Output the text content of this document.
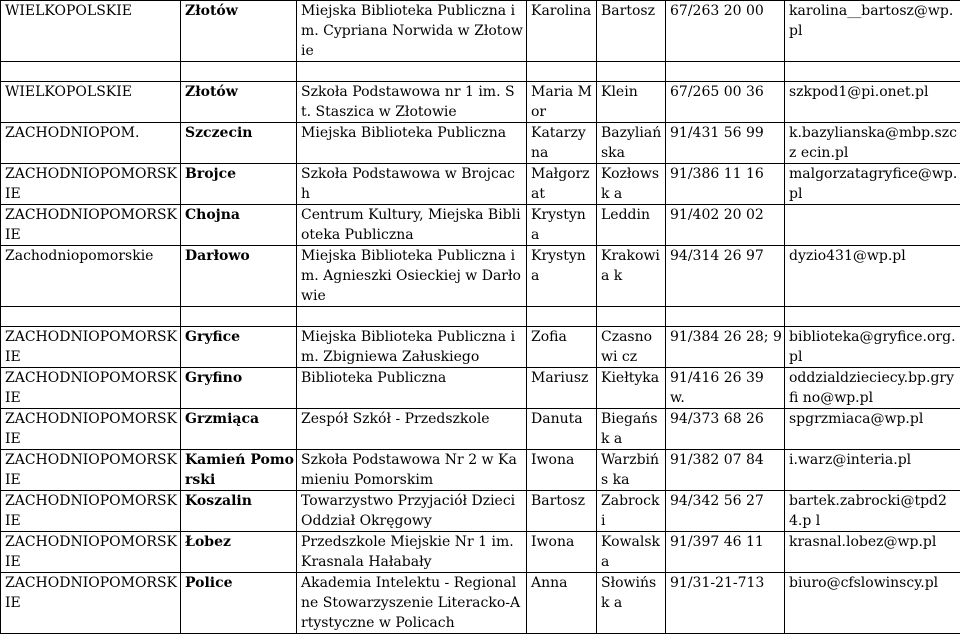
WIELKOPOLSKIE	Złotów	Miejska Biblioteka Publiczna im. Cypriana Norwida w Złotowie	Karolina	Bartosz	67/263 20 00	karolina__bartosz@wp.pl

WIELKOPOLSKIE	Złotów	Szkoła Podstawowa nr 1 im. St. Staszica w Złotowie	Maria Mor	Klein	67/265 00 36	szkpod1@pi.onet.pl
ZACHODNIOPOM.	Szczecin	Miejska Biblioteka Publiczna	Katarzyna	Bazyliań ska	91/431 56 99	k.bazylianska@mbp.szcz ecin.pl
ZACHODNIOPOMORSKIE	Brojce	Szkoła Podstawowa w Brojcach	Małgorzat	Kozłowsk a	91/386 11 16	malgorzatagryfice@wp.pl
ZACHODNIOPOMORSKIE	Chojna	Centrum Kultury, Miejska Biblioteka Publiczna	Krystyna	Leddin	91/402 20 02	
Zachodniopomorskie	Darłowo	Miejska Biblioteka Publiczna im. Agnieszki Osieckiej w Darłowie	Krystyna	Krakowia k	94/314 26 97	dyzio431@wp.pl

ZACHODNIOPOMORSKIE	Gryfice	Miejska Biblioteka Publiczna im. Zbigniewa Załuskiego	Zofia	Czasnowi cz	91/384 26 28; 9	biblioteka@gryfice.org.pl
ZACHODNIOPOMORSKIE	Gryfino	Biblioteka Publiczna	Mariusz	Kiełtyka	91/416 26 39 w.	oddzialdzieciecy.bp.gryfi no@wp.pl
ZACHODNIOPOMORSKIE	Grzmiąca	Zespół Szkół - Przedszkole	Danuta	Biegańsk a	94/373 68 26	spgrzmiaca@wp.pl
ZACHODNIOPOMORSKIE	Kamień Pomorski	Szkoła Podstawowa Nr 2 w Kamieniu Pomorskim	Iwona	Warzbińs ka	91/382 07 84	i.warz@interia.pl
ZACHODNIOPOMORSKIE	Koszalin	Towarzystwo Przyjaciół Dzieci Oddział Okręgowy	Bartosz	Zabrocki	94/342 56 27	bartek.zabrocki@tpd24.p l
ZACHODNIOPOMORSKIE	Łobez	Przedszkole Miejskie Nr 1 im. Krasnala Hałabały	Iwona	Kowalska	91/397 46 11	krasnal.lobez@wp.pl
ZACHODNIOPOMORSKIE	Police	Akademia Intelektu - Regionalne Stowarzyszenie Literacko-Artystyczne w Policach	Anna	Słowińsk a	91/31-21-713	biuro@cfslowinscy.pl
